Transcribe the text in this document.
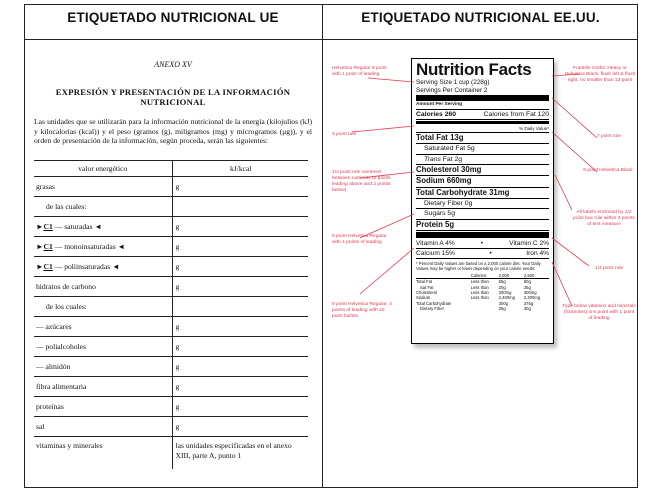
ETIQUETADO NUTRICIONAL UE	ETIQUETADO NUTRICIONAL EE.UU.
ANEXO XV
EXPRESIÓN Y PRESENTACIÓN DE LA INFORMACIÓN NUTRICIONAL
Las unidades que se utilizarán para la información nutricional de la energía (kilojulios (kJ) y kilocalorías (kcal)) y el peso (gramos (g), miligramos (mg) y microgramos (μg)), y el orden de presentación de la información, según proceda, serán las siguientes:
valor energético	kJ/kcal
grasas	g
de las cuales:	
►C1 — saturadas ◄	g
►C1 — monoinsaturadas ◄	g
►C1 — poliinsaturadas ◄	g
hidratos de carbono	g
de los cuales:	
— azúcares	g
— polialcoholes	g
— almidón	g
fibra alimentaria	g
proteínas	g
sal	g
vitaminas y minerales	las unidades especificadas en el anexo XIII, parte A, punto 1
Nutrition Facts
Serving Size 1 cup (228g)
Servings Per Container 2
Amount Per Serving
Calories 260	Calories from Fat 120
% Daily Value*
Total Fat 13g
Saturated Fat 5g
Trans Fat 2g
Cholesterol 30mg
Sodium 660mg
Total Carbohydrate 31mg
Dietary Fiber 0g
Sugars 5g
Protein 5g
Vitamin A 4%	•	Vitamin C 2%
Calcium 15%	•	Iron 4%
* Percent Daily Values are based on a 2,000 calorie diet. Your Daily Values may be higher or lower depending on your calorie needs:
	Calories:	2,000	2,500
Total Fat	Less than	65g	80g
Sat Fat	Less than	20g	25g
Cholesterol	Less than	300mg	300mg
Sodium	Less than	2,400mg	2,400mg
Total Carbohydrate		300g	375g
Dietary Fiber		25g	30g
Helvetica Regular 8 point with 1 point of leading
3 point rule
1/4 point rule centered between nutrients (2 points leading above and 2 points below)
8 point Helvetica Regular with 4 points of leading
8 point Helvetica Regular, 4 points of leading with 10 point bullets
Franklin Gothic Heavy or Helvetica Black, flush left & flush right, no smaller than 13 point
7 point rule
6 point Helvetica Black
All labels enclosed by 1/2 point box rule within 3 points of text measure
1/4 point rule
Type below vitamins and minerals (footnotes) is 6 point with 1 point of leading
